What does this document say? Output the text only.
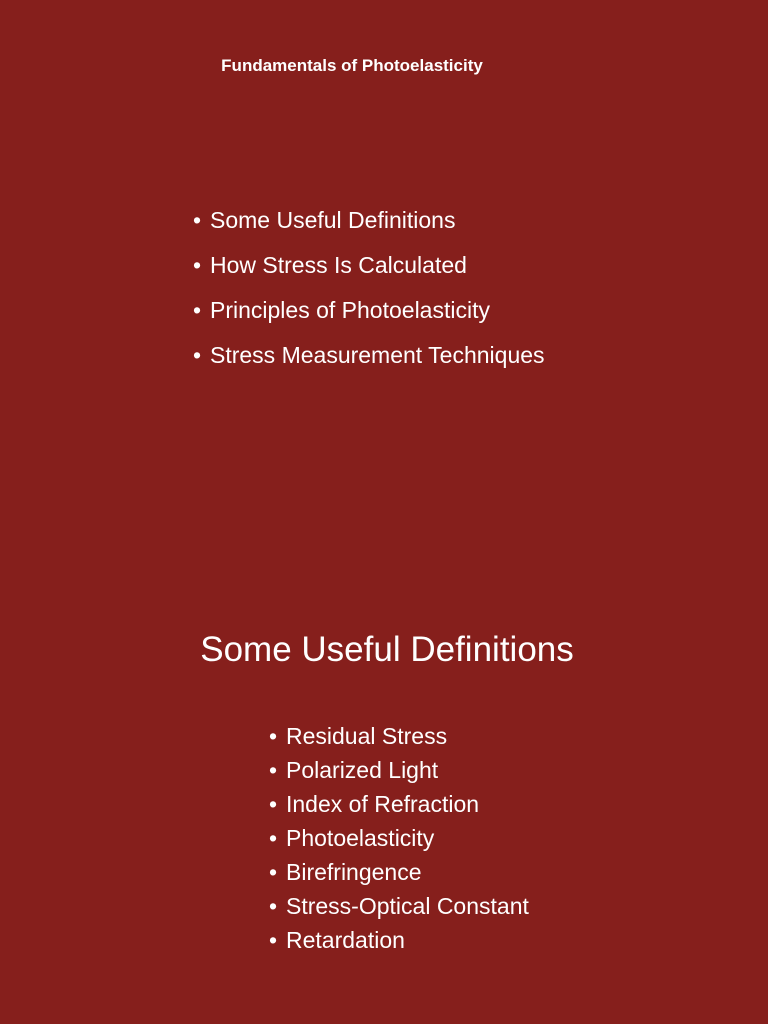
Fundamentals of Photoelasticity
• Some Useful Definitions
• How Stress Is Calculated
• Principles of Photoelasticity
• Stress Measurement Techniques
Some Useful Definitions
• Residual Stress
• Polarized Light
• Index of Refraction
• Photoelasticity
• Birefringence
• Stress-Optical Constant
• Retardation
